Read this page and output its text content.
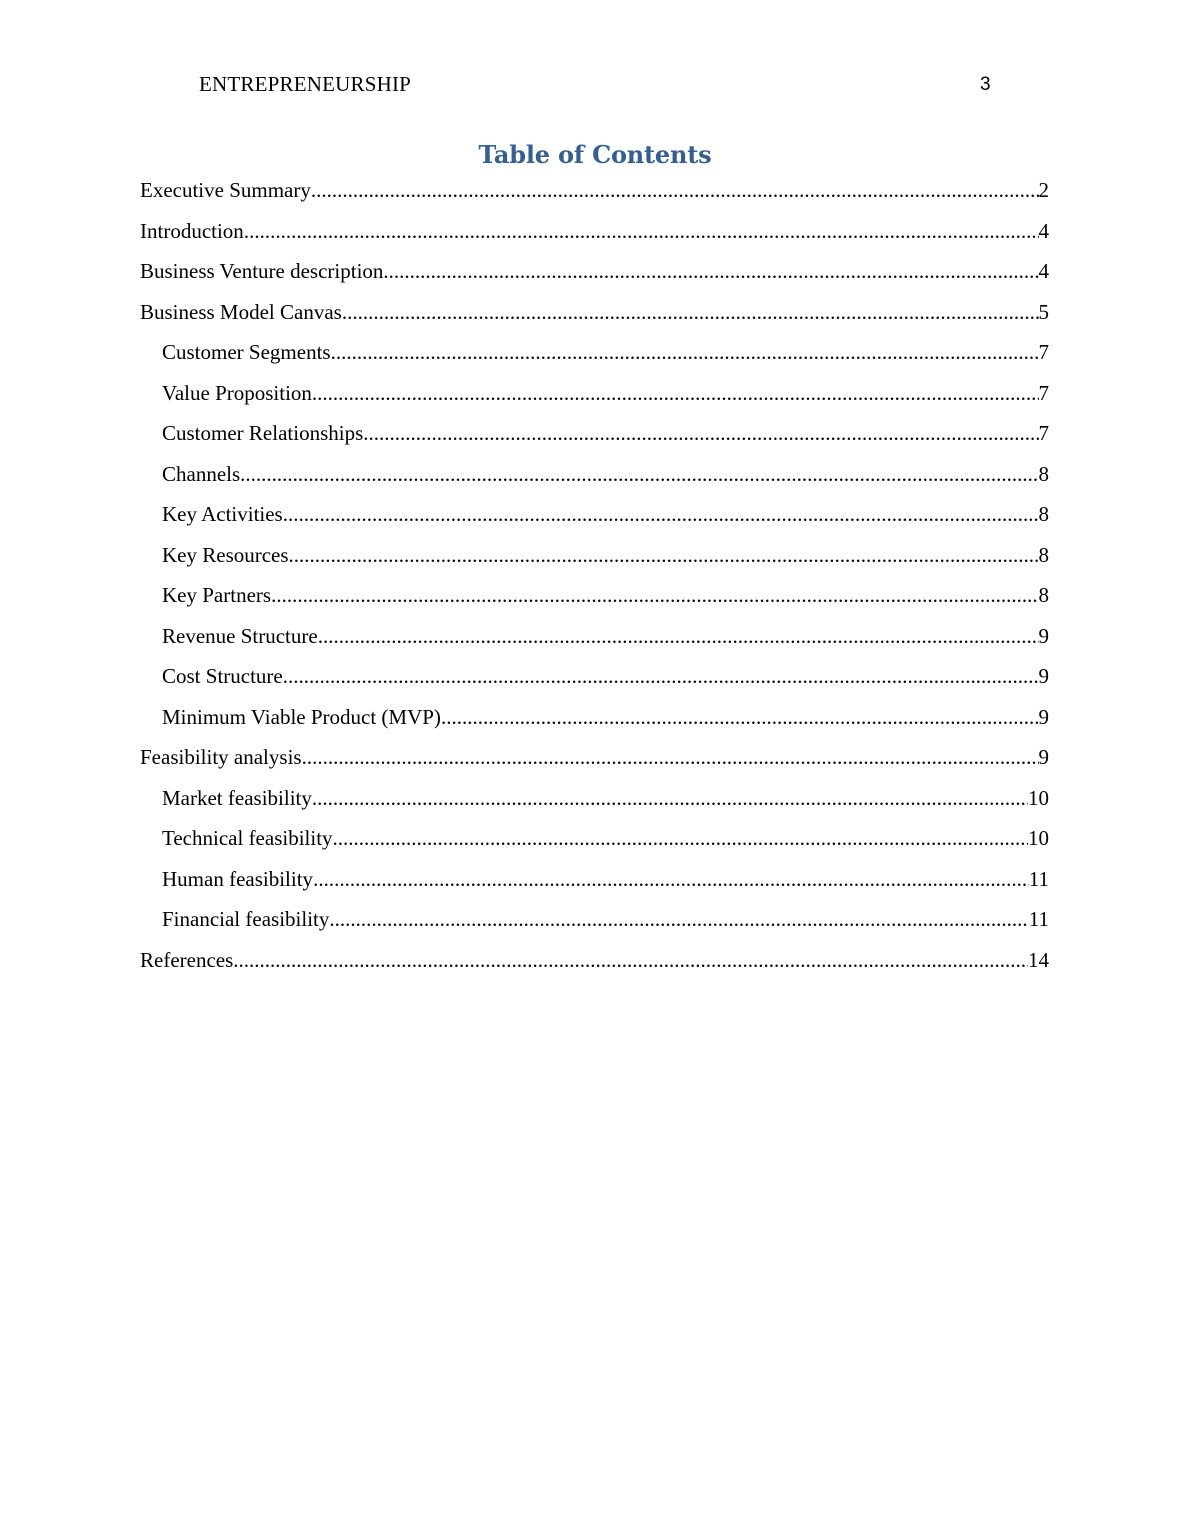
ENTREPRENEURSHIP	3
Table of Contents
Executive Summary .....	2
Introduction .....	4
Business Venture description .....	4
Business Model Canvas .....	5
Customer Segments .....	7
Value Proposition .....	7
Customer Relationships .....	7
Channels .....	8
Key Activities .....	8
Key Resources .....	8
Key Partners .....	8
Revenue Structure .....	9
Cost Structure .....	9
Minimum Viable Product (MVP) .....	9
Feasibility analysis .....	9
Market feasibility .....	10
Technical feasibility .....	10
Human feasibility .....	11
Financial feasibility .....	11
References .....	14
